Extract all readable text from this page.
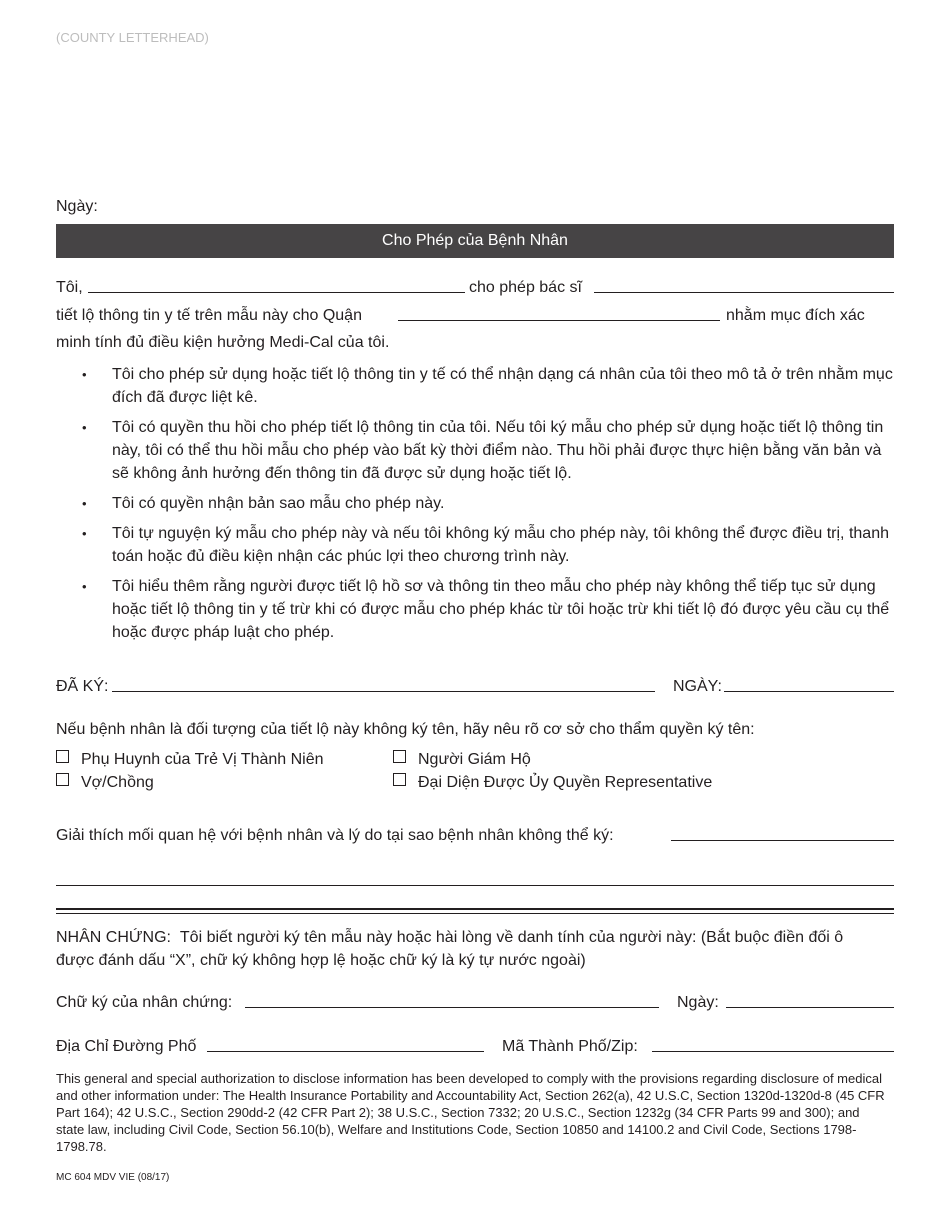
(COUNTY LETTERHEAD)
Ngày:
Cho Phép của Bệnh Nhân
Tôi,	cho phép bác sĩ
tiết lộ thông tin y tế trên mẫu này cho Quận	nhằm mục đích xác
minh tính đủ điều kiện hưởng Medi-Cal của tôi.
• Tôi cho phép sử dụng hoặc tiết lộ thông tin y tế có thể nhận dạng cá nhân của tôi theo mô tả ở trên nhằm mục đích đã được liệt kê.
• Tôi có quyền thu hồi cho phép tiết lộ thông tin của tôi. Nếu tôi ký mẫu cho phép sử dụng hoặc tiết lộ thông tin này, tôi có thể thu hồi mẫu cho phép vào bất kỳ thời điểm nào. Thu hồi phải được thực hiện bằng văn bản và sẽ không ảnh hưởng đến thông tin đã được sử dụng hoặc tiết lộ.
• Tôi có quyền nhận bản sao mẫu cho phép này.
• Tôi tự nguyện ký mẫu cho phép này và nếu tôi không ký mẫu cho phép này, tôi không thể được điều trị, thanh toán hoặc đủ điều kiện nhận các phúc lợi theo chương trình này.
• Tôi hiểu thêm rằng người được tiết lộ hồ sơ và thông tin theo mẫu cho phép này không thể tiếp tục sử dụng hoặc tiết lộ thông tin y tế trừ khi có được mẫu cho phép khác từ tôi hoặc trừ khi tiết lộ đó được yêu cầu cụ thể hoặc được pháp luật cho phép.
ĐÃ KÝ:	NGÀY:
Nếu bệnh nhân là đối tượng của tiết lộ này không ký tên, hãy nêu rõ cơ sở cho thẩm quyền ký tên:
Phụ Huynh của Trẻ Vị Thành Niên	Người Giám Hộ
Vợ/Chồng	Đại Diện Được Ủy Quyền Representative
Giải thích mối quan hệ với bệnh nhân và lý do tại sao bệnh nhân không thể ký:
NHÂN CHỨNG: Tôi biết người ký tên mẫu này hoặc hài lòng về danh tính của người này: (Bắt buộc điền đối ô
được đánh dấu “X”, chữ ký không hợp lệ hoặc chữ ký là ký tự nước ngoài)
Chữ ký của nhân chứng:	Ngày:
Địa Chỉ Đường Phố	Mã Thành Phố/Zip:
This general and special authorization to disclose information has been developed to comply with the provisions regarding disclosure of medical and other information under: The Health Insurance Portability and Accountability Act, Section 262(a), 42 U.S.C, Section 1320d-1320d-8 (45 CFR Part 164); 42 U.S.C., Section 290dd-2 (42 CFR Part 2); 38 U.S.C., Section 7332; 20 U.S.C., Section 1232g (34 CFR Parts 99 and 300); and state law, including Civil Code, Section 56.10(b), Welfare and Institutions Code, Section 10850 and 14100.2 and Civil Code, Sections 1798-1798.78.
MC 604 MDV VIE (08/17)
